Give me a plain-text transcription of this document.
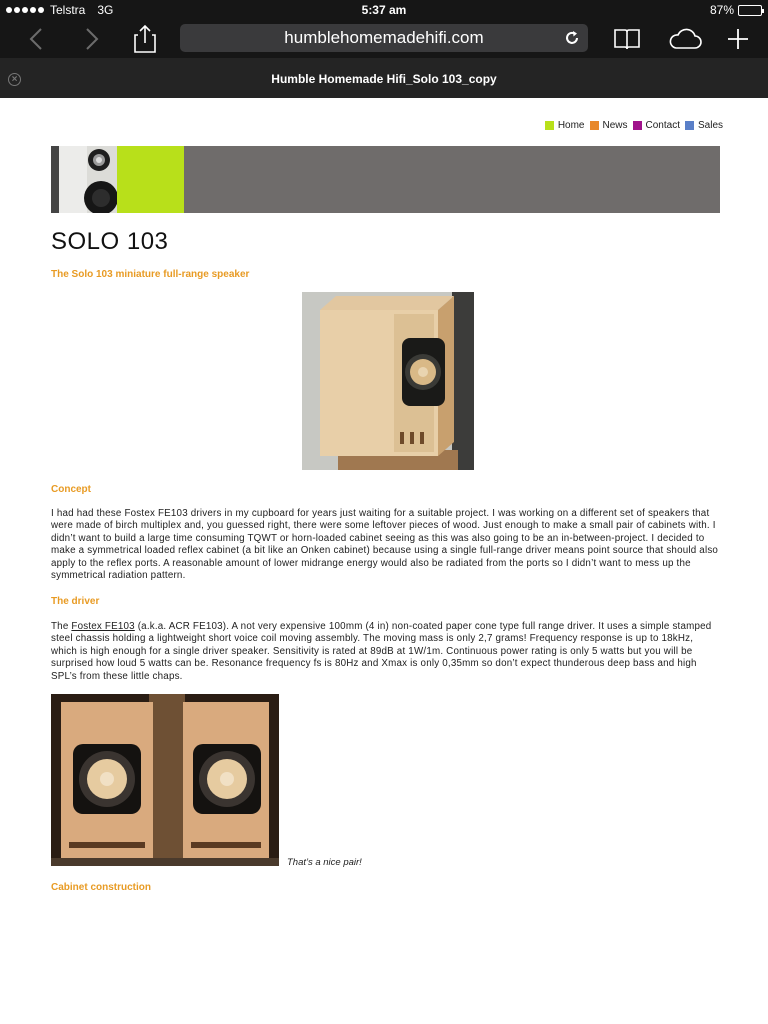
Telstra 3G	5:37 am	87%
humblehomemadehifi.com
×	Humble Homemade Hifi_Solo 103_copy
Home News Contact Sales
SOLO 103
The Solo 103 miniature full-range speaker
Concept

I had had these Fostex FE103 drivers in my cupboard for years just waiting for a suitable project. I was working on a different set of speakers that were made of birch multiplex and, you guessed right, there were some leftover pieces of wood. Just enough to make a small pair of cabinets with. I didn’t want to build a large time consuming TQWT or horn-loaded cabinet seeing as this was also going to be an in-between-project. I decided to make a symmetrical loaded reflex cabinet (a bit like an Onken cabinet) because using a single full-range driver means point source that should also apply to the reflex ports. A reasonable amount of lower midrange energy would also be radiated from the ports so I didn’t want to mess up the symmetrical radiation pattern.

The driver

The Fostex FE103 (a.k.a. ACR FE103). A not very expensive 100mm (4 in) non-coated paper cone type full range driver. It uses a simple stamped steel chassis holding a lightweight short voice coil moving assembly. The moving mass is only 2,7 grams! Frequency response is up to 18kHz, which is high enough for a single driver speaker. Sensitivity is rated at 89dB at 1W/1m. Continuous power rating is only 5 watts but you will be surprised how loud 5 watts can be. Resonance frequency fs is 80Hz and Xmax is only 0,35mm so don’t expect thunderous deep bass and high SPL’s from these little chaps.

That’s a nice pair!
Cabinet construction
